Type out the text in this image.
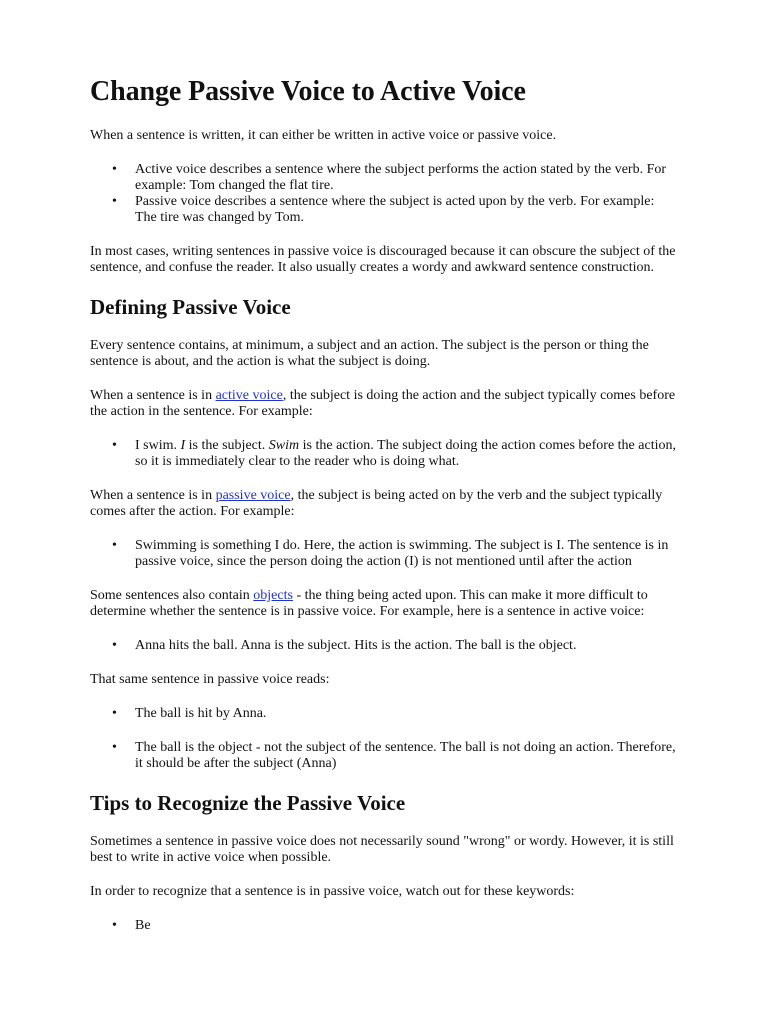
Change Passive Voice to Active Voice

When a sentence is written, it can either be written in active voice or passive voice.

• Active voice describes a sentence where the subject performs the action stated by the verb. For example: Tom changed the flat tire.
• Passive voice describes a sentence where the subject is acted upon by the verb. For example: The tire was changed by Tom.

In most cases, writing sentences in passive voice is discouraged because it can obscure the subject of the sentence, and confuse the reader. It also usually creates a wordy and awkward sentence construction.

Defining Passive Voice

Every sentence contains, at minimum, a subject and an action. The subject is the person or thing the sentence is about, and the action is what the subject is doing.

When a sentence is in active voice, the subject is doing the action and the subject typically comes before the action in the sentence. For example:

• I swim. I is the subject. Swim is the action. The subject doing the action comes before the action, so it is immediately clear to the reader who is doing what.

When a sentence is in passive voice, the subject is being acted on by the verb and the subject typically comes after the action. For example:

• Swimming is something I do. Here, the action is swimming. The subject is I. The sentence is in passive voice, since the person doing the action (I) is not mentioned until after the action

Some sentences also contain objects - the thing being acted upon. This can make it more difficult to determine whether the sentence is in passive voice. For example, here is a sentence in active voice:

• Anna hits the ball. Anna is the subject. Hits is the action. The ball is the object.

That same sentence in passive voice reads:

• The ball is hit by Anna.
• The ball is the object - not the subject of the sentence. The ball is not doing an action. Therefore, it should be after the subject (Anna)
Tips to Recognize the Passive Voice

Sometimes a sentence in passive voice does not necessarily sound "wrong" or wordy. However, it is still best to write in active voice when possible.

In order to recognize that a sentence is in passive voice, watch out for these keywords:

• Be
